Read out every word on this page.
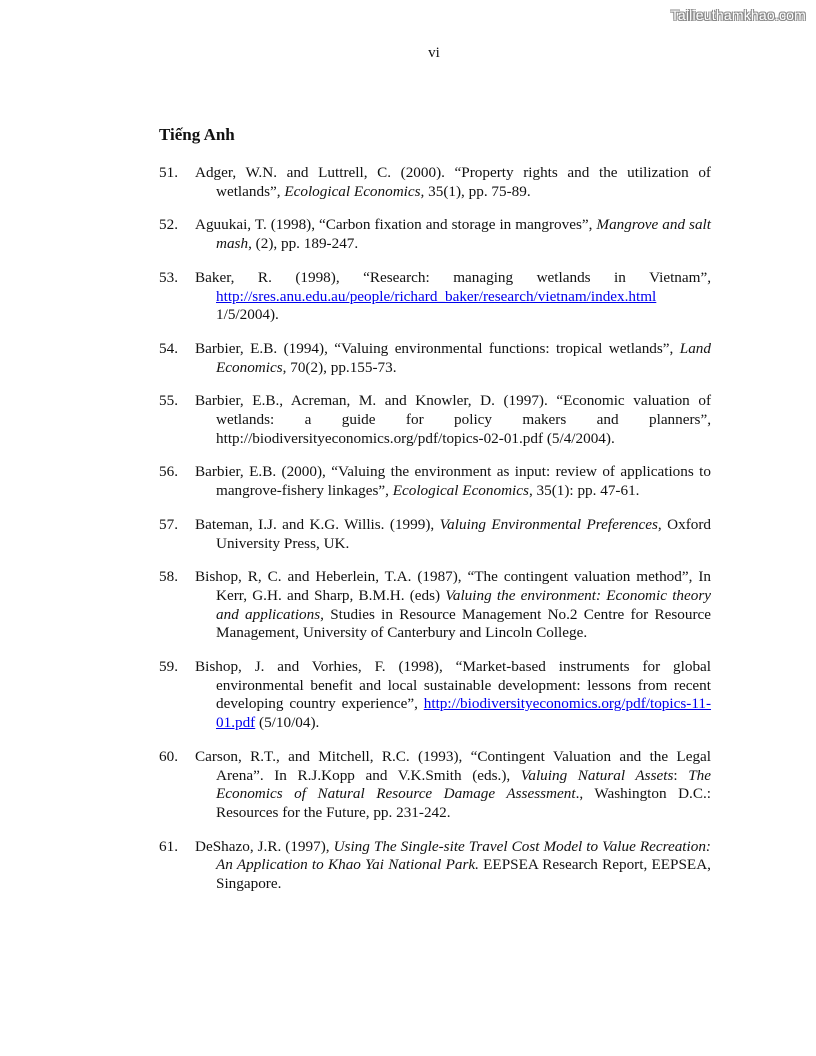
Tailieuthamkhao.com
vi
Tiếng Anh
51. Adger, W.N. and Luttrell, C. (2000). “Property rights and the utilization of wetlands”, Ecological Economics, 35(1), pp. 75-89.
52. Aguukai, T. (1998), “Carbon fixation and storage in mangroves”, Mangrove and salt mash, (2), pp. 189-247.
53. Baker, R. (1998), “Research: managing wetlands in Vietnam”,
http://sres.anu.edu.au/people/richard_baker/research/vietnam/index.html
1/5/2004).
54. Barbier, E.B. (1994), “Valuing environmental functions: tropical wetlands”, Land Economics, 70(2), pp.155-73.
55. Barbier, E.B., Acreman, M. and Knowler, D. (1997). “Economic valuation of wetlands: a guide for policy makers and planners”, http://biodiversityeconomics.org/pdf/topics-02-01.pdf (5/4/2004).
56. Barbier, E.B. (2000), “Valuing the environment as input: review of applications to mangrove-fishery linkages”, Ecological Economics, 35(1): pp. 47-61.
57. Bateman, I.J. and K.G. Willis. (1999), Valuing Environmental Preferences, Oxford University Press, UK.
58. Bishop, R, C. and Heberlein, T.A. (1987), “The contingent valuation method”, In Kerr, G.H. and Sharp, B.M.H. (eds) Valuing the environment: Economic theory and applications, Studies in Resource Management No.2 Centre for Resource Management, University of Canterbury and Lincoln College.
59. Bishop, J. and Vorhies, F. (1998), “Market-based instruments for global environmental benefit and local sustainable development: lessons from recent developing country experience”, http://biodiversityeconomics.org/pdf/topics-11-01.pdf (5/10/04).
60. Carson, R.T., and Mitchell, R.C. (1993), “Contingent Valuation and the Legal Arena”. In R.J.Kopp and V.K.Smith (eds.), Valuing Natural Assets: The Economics of Natural Resource Damage Assessment., Washington D.C.: Resources for the Future, pp. 231-242.
61. DeShazo, J.R. (1997), Using The Single-site Travel Cost Model to Value Recreation: An Application to Khao Yai National Park. EEPSEA Research Report, EEPSEA, Singapore.
